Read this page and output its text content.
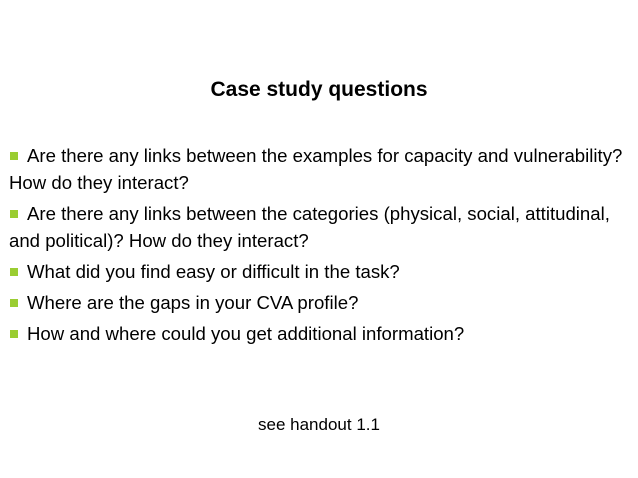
Case study questions
Are there any links between the examples for capacity and vulnerability? How do they interact?
Are there any links between the categories (physical, social, attitudinal, and political)? How do they interact?
What did you find easy or difficult in the task?
Where are the gaps in your CVA profile?
How and where could you get additional information?
see handout 1.1
